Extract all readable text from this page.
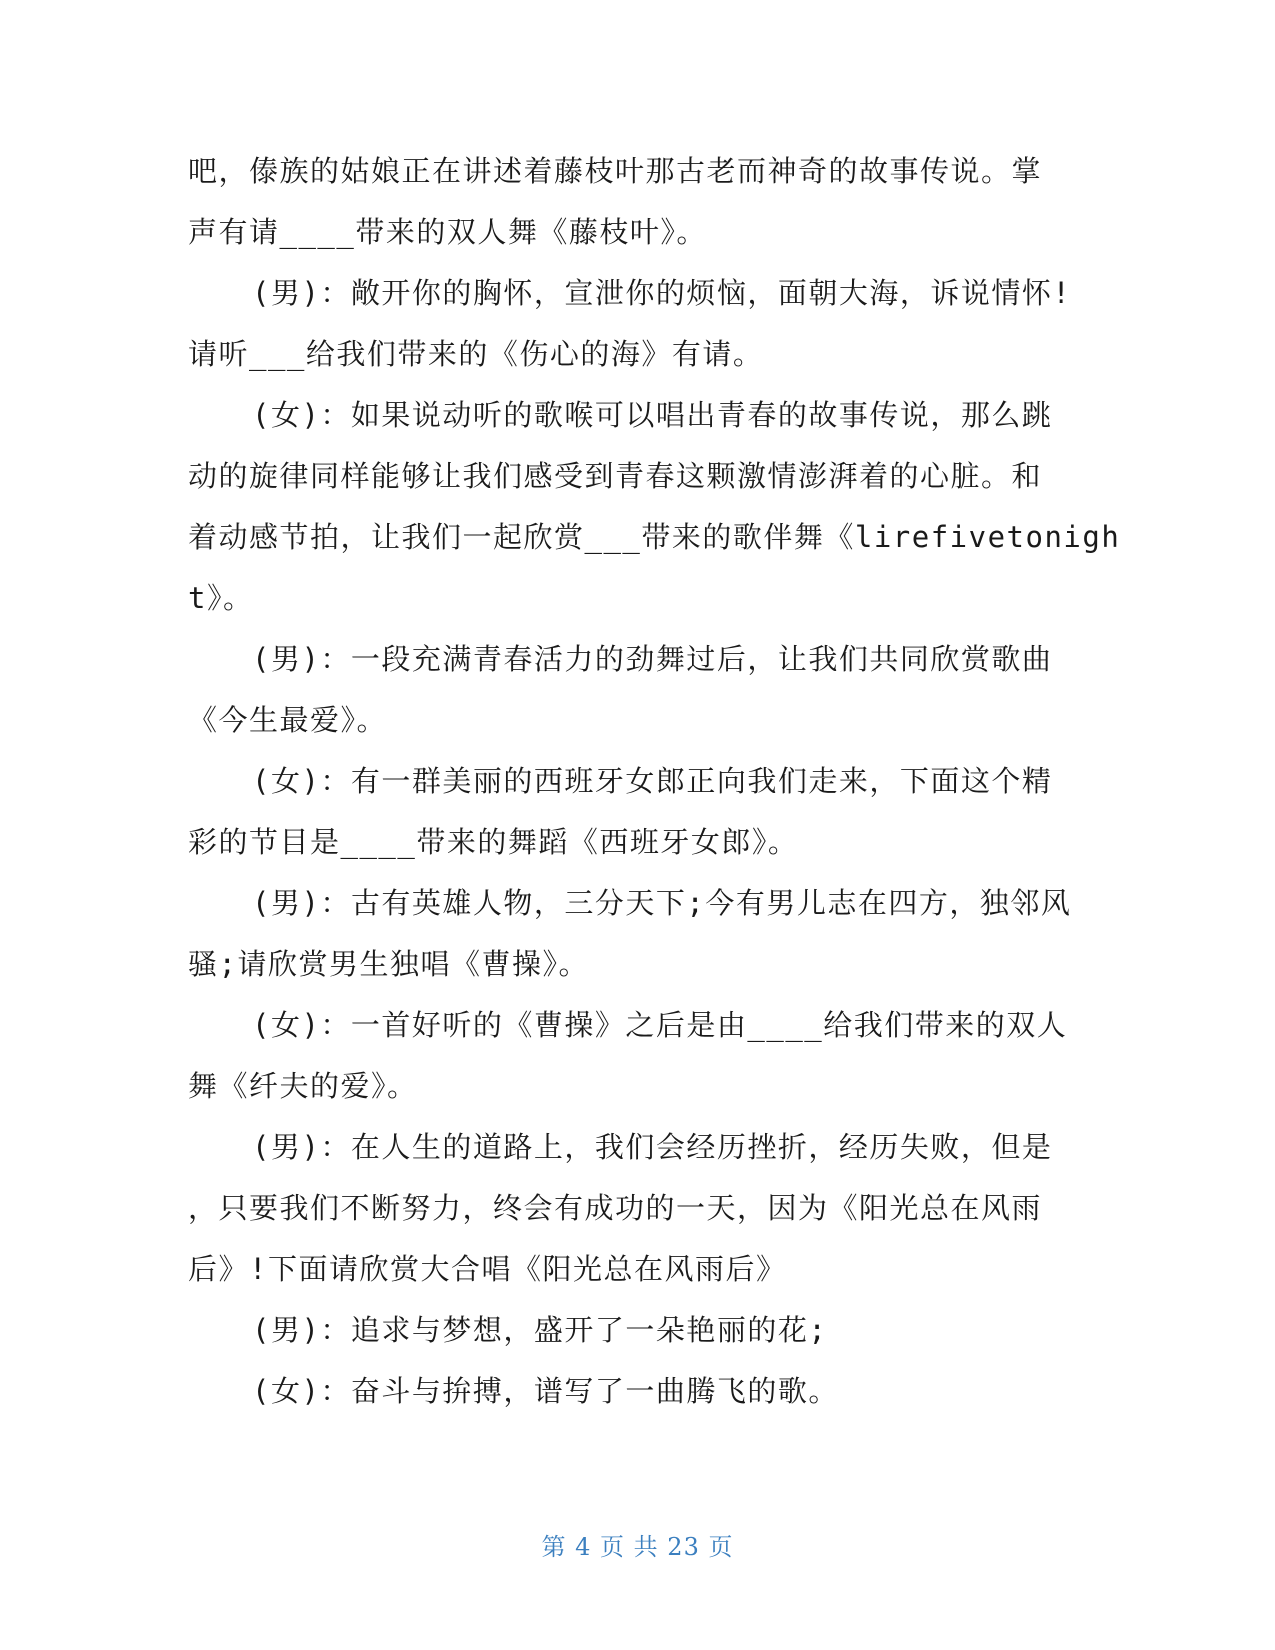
吧，傣族的姑娘正在讲述着藤枝叶那古老而神奇的故事传说。掌
声有请____带来的双人舞《藤枝叶》。
(男)：敞开你的胸怀，宣泄你的烦恼，面朝大海，诉说情怀!
请听___给我们带来的《伤心的海》有请。
(女)：如果说动听的歌喉可以唱出青春的故事传说，那么跳
动的旋律同样能够让我们感受到青春这颗激情澎湃着的心脏。和
着动感节拍，让我们一起欣赏___带来的歌伴舞《lirefivetonigh
t》。
(男)：一段充满青春活力的劲舞过后，让我们共同欣赏歌曲
《今生最爱》。
(女)：有一群美丽的西班牙女郎正向我们走来，下面这个精
彩的节目是____带来的舞蹈《西班牙女郎》。
(男)：古有英雄人物，三分天下;今有男儿志在四方，独邻风
骚;请欣赏男生独唱《曹操》。
(女)：一首好听的《曹操》之后是由____给我们带来的双人
舞《纤夫的爱》。
(男)：在人生的道路上，我们会经历挫折，经历失败，但是
，只要我们不断努力，终会有成功的一天，因为《阳光总在风雨
后》!下面请欣赏大合唱《阳光总在风雨后》
(男)：追求与梦想，盛开了一朵艳丽的花;
(女)：奋斗与拚搏，谱写了一曲腾飞的歌。
第 4 页 共 23 页
